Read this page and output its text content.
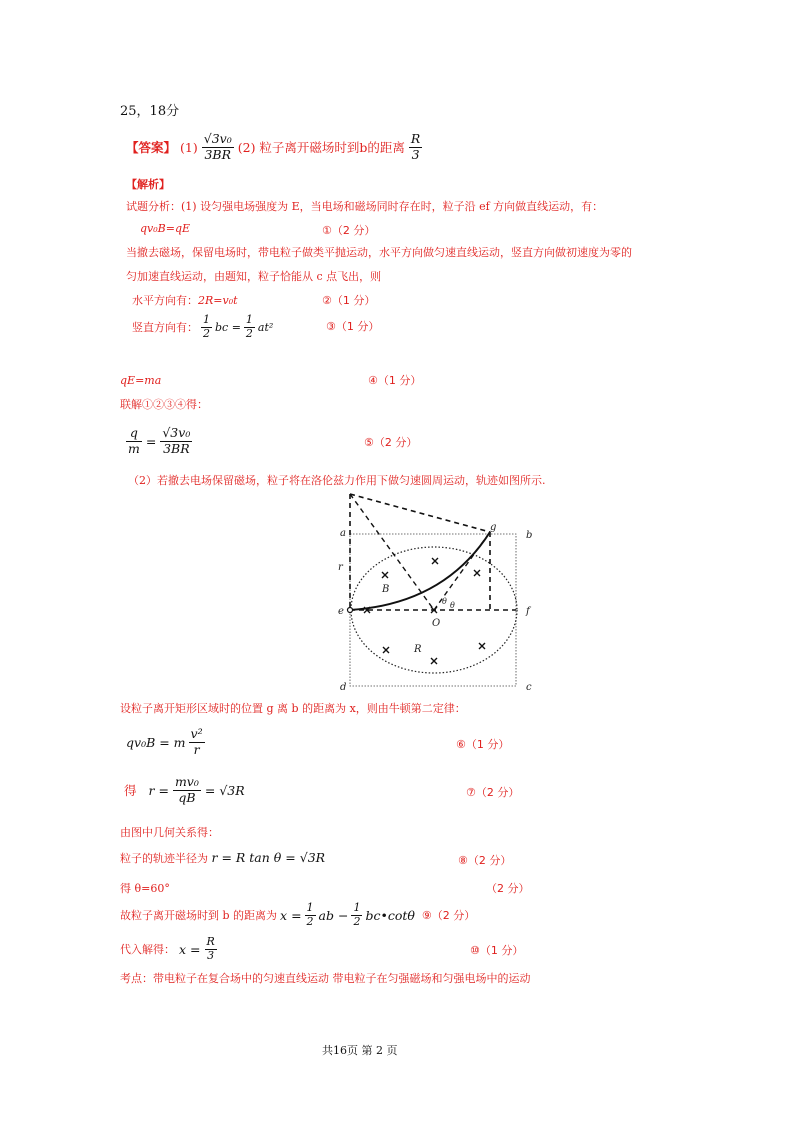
25，18分
【答案】 $(1) \frac{\text{√3v₀}}{3BR} (2)$ 粒子离开磁场时到b的距离 $\frac{R}{3}$
【解析】
试题分析：(1) 设匀强电场强度为 E，当电场和磁场同时存在时，粒子沿 ef 方向做直线运动，有：
qv₀B=qE	①（2 分）
当撤去磁场，保留电场时，带电粒子做类平抛运动，水平方向做匀速直线运动，竖直方向做初速度为零的
匀加速直线运动，由题知，粒子恰能从 c 点飞出，则
水平方向有：2R=v₀t	②（1 分）
竖直方向有： $\frac{1}{2}$ bc = $\frac{1}{2} at^2$	③（1 分）
qE=ma	④（1 分）
联解①②③④得：
$\frac{q}{m} = \frac{\text{√3v₀}}{3BR}$	⑤（2 分）
（2）若撤去电场保留磁场，粒子将在洛伦兹力作用下做匀速圆周运动，轨迹如图所示.
a	b
c
d
e	f
g
O
B
R
r
θ θ
设粒子离开矩形区域时的位置 g 离 b 的距离为 x，则由牛顿第二定律：
qv₀B = m $\frac{\text{v²}}{r}$	⑥（1 分）
得 $r = \frac{\text{mv₀}}{qB} = √3R$	⑦（2 分）
由图中几何关系得：
粒子的轨迹半径为 r = R tan θ = √3R	⑧（2 分）
得 θ=60°	（2 分）
故粒子离开磁场时到 b 的距离为 $x = \frac{1}{2}$ ab − $\frac{1}{2}$ bc•cotθ ⑨（2 分）
代入解得： $x = \frac{R}{3}$	⑩（1 分）
考点：带电粒子在复合场中的匀速直线运动 带电粒子在匀强磁场和匀强电场中的运动
共16页 第 2 页
